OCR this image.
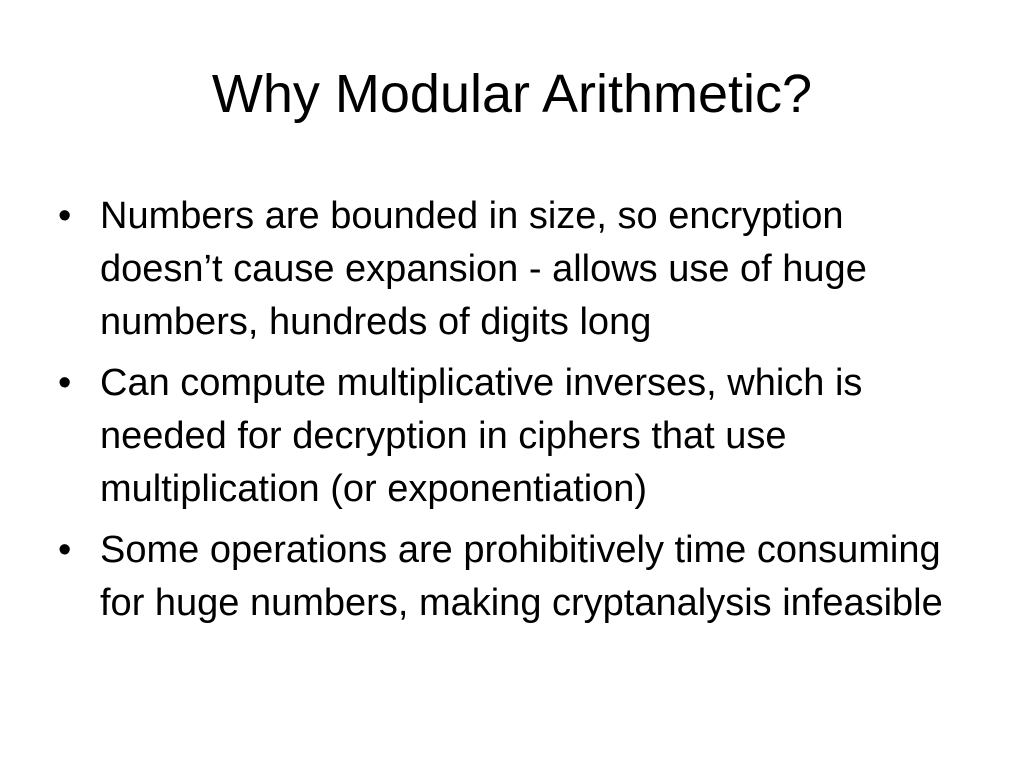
Why Modular Arithmetic?
• Numbers are bounded in size, so encryption doesn’t cause expansion - allows use of huge numbers, hundreds of digits long
• Can compute multiplicative inverses, which is needed for decryption in ciphers that use multiplication (or exponentiation)
• Some operations are prohibitively time consuming for huge numbers, making cryptanalysis infeasible
